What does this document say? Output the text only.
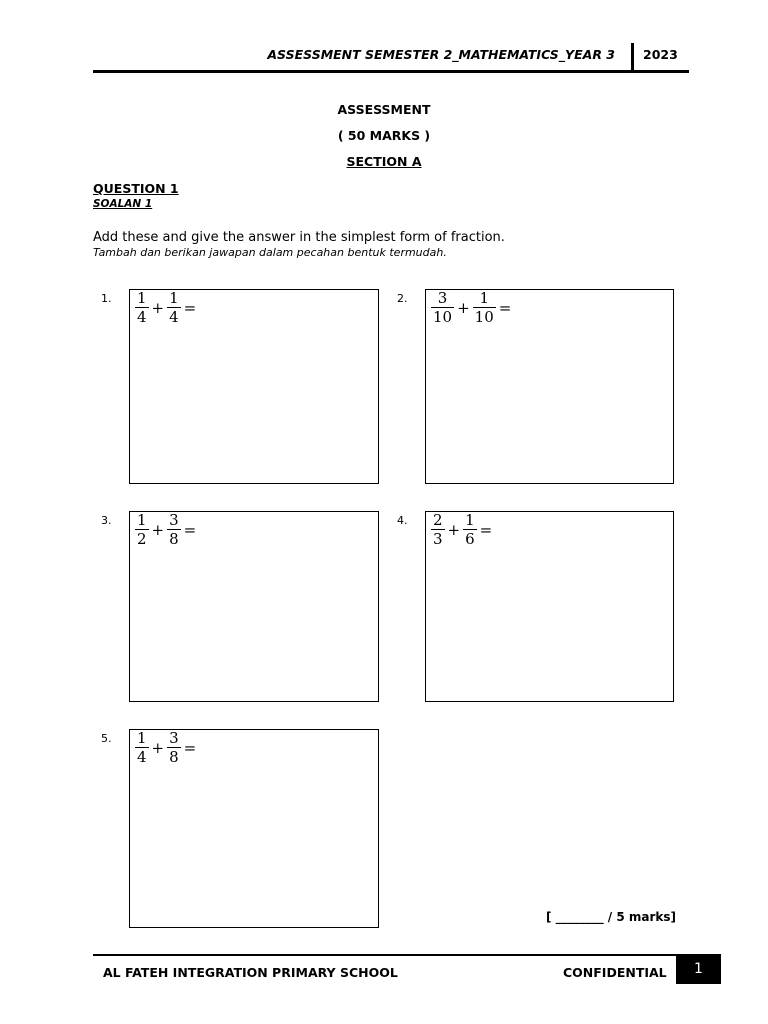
ASSESSMENT SEMESTER 2_MATHEMATICS_YEAR 3 2023
ASSESSMENT
( 50 MARKS )
SECTION A
QUESTION 1
SOALAN 1
Add these and give the answer in the simplest form of fraction.
Tambah dan berikan jawapan dalam pecahan bentuk termudah.
1. $\frac{1}{4} + \frac{1}{4}$ =
2. $\frac{3}{10} + \frac{1}{10}$ =
3. $\frac{1}{2} + \frac{3}{8}$ =
4. $\frac{2}{3} + \frac{1}{6}$ =
5. $\frac{1}{4} + \frac{3}{8}$ =
[ ________ / 5 marks]
AL FATEH INTEGRATION PRIMARY SCHOOL	CONFIDENTIAL	1
